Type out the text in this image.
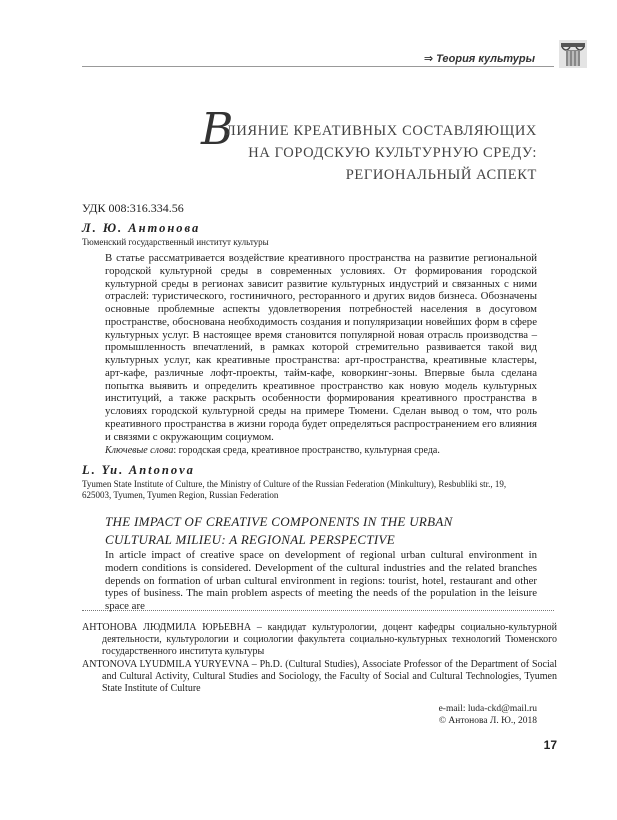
⇒ Теория культуры
В
ЛИЯНИЕ КРЕАТИВНЫХ СОСТАВЛЯЮЩИХ
НА ГОРОДСКУЮ КУЛЬТУРНУЮ СРЕДУ:
РЕГИОНАЛЬНЫЙ АСПЕКТ
УДК 008:316.334.56
Л. Ю. Антонова
Тюменский государственный институт культуры
В статье рассматривается воздействие креативного пространства на развитие региональной городской культурной среды в современных условиях. От формирования городской культурной среды в регионах зависит развитие культурных индустрий и связанных с ними отраслей: туристического, гостиничного, ресторанного и других видов бизнеса. Обозначены основные проблемные аспекты удовлетворения потребностей населения в досуговом пространстве, обоснована необходимость создания и популяризации новейших форм в сфере культурных услуг. В настоящее время становится популярной новая отрасль производства – промышленность впечатлений, в рамках которой стремительно развивается такой вид культурных услуг, как креативные пространства: арт-пространства, креативные кластеры, арт-кафе, различные лофт-проекты, тайм-кафе, коворкинг-зоны. Впервые была сделана попытка выявить и определить креативное пространство как новую модель культурных институций, а также раскрыть особенности формирования креативного пространства в условиях городской культурной среды на примере Тюмени. Сделан вывод о том, что роль креативного пространства в жизни города будет определяться распространением его влияния и связями с окружающим социумом.
Ключевые слова: городская среда, креативное пространство, культурная среда.
L. Yu. Antonova
Tyumen State Institute of Culture, the Ministry of Culture of the Russian Federation (Minkultury), Resbubliki str., 19, 625003, Tyumen, Tyumen Region, Russian Federation
THE IMPACT OF CREATIVE COMPONENTS IN THE URBAN CULTURAL MILIEU: A REGIONAL PERSPECTIVE
In article impact of creative space on development of regional urban cultural environment in modern conditions is considered. Development of the cultural industries and the related branches depends on formation of urban cultural environment in regions: tourist, hotel, restaurant and other types of business. The main problem aspects of meeting the needs of the population in the leisure space are
АНТОНОВА ЛЮДМИЛА ЮРЬЕВНА – кандидат культурологии, доцент кафедры социально-культурной деятельности, культурологии и социологии факультета социально-культурных технологий Тюменского государственного института культуры
ANTONOVA LYUDMILA YURYEVNA – Ph.D. (Cultural Studies), Associate Professor of the Department of Social and Cultural Activity, Cultural Studies and Sociology, the Faculty of Social and Cultural Technologies, Tyumen State Institute of Culture
e-mail: luda-ckd@mail.ru
© Антонова Л. Ю., 2018
17
